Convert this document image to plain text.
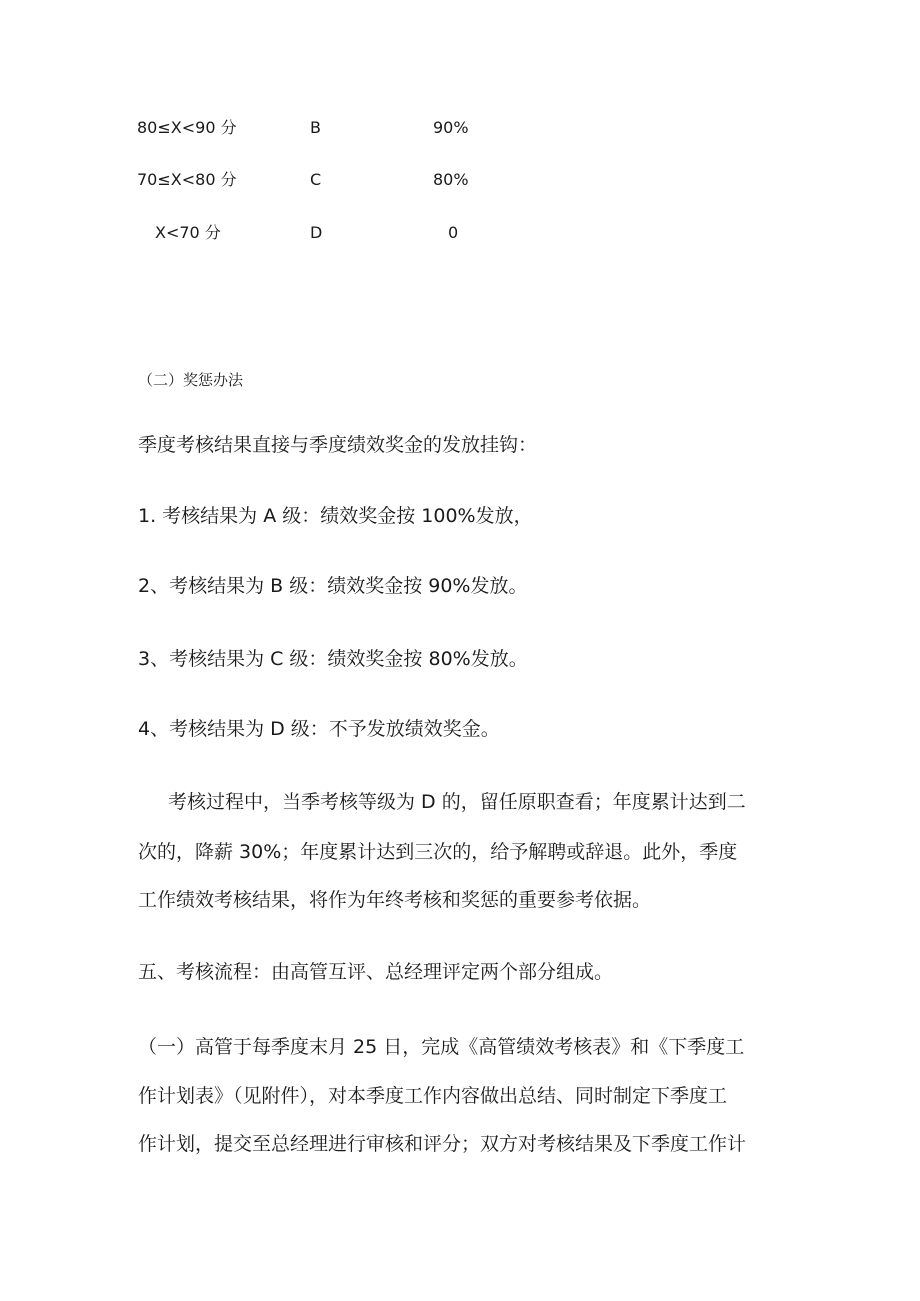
80≤X<90 分	B	90%
70≤X<80 分	C	80%
X<70 分	D	0
（二）奖惩办法
季度考核结果直接与季度绩效奖金的发放挂钩：
1. 考核结果为 A 级：绩效奖金按 100%发放，
2、考核结果为 B 级：绩效奖金按 90%发放。
3、考核结果为 C 级：绩效奖金按 80%发放。
4、考核结果为 D 级：不予发放绩效奖金。
考核过程中，当季考核等级为 D 的，留任原职查看；年度累计达到二
次的，降薪 30%；年度累计达到三次的，给予解聘或辞退。此外，季度
工作绩效考核结果，将作为年终考核和奖惩的重要参考依据。
五、考核流程：由高管互评、总经理评定两个部分组成。
（一）高管于每季度末月 25 日，完成《高管绩效考核表》和《下季度工
作计划表》（见附件），对本季度工作内容做出总结、同时制定下季度工
作计划，提交至总经理进行审核和评分；双方对考核结果及下季度工作计
